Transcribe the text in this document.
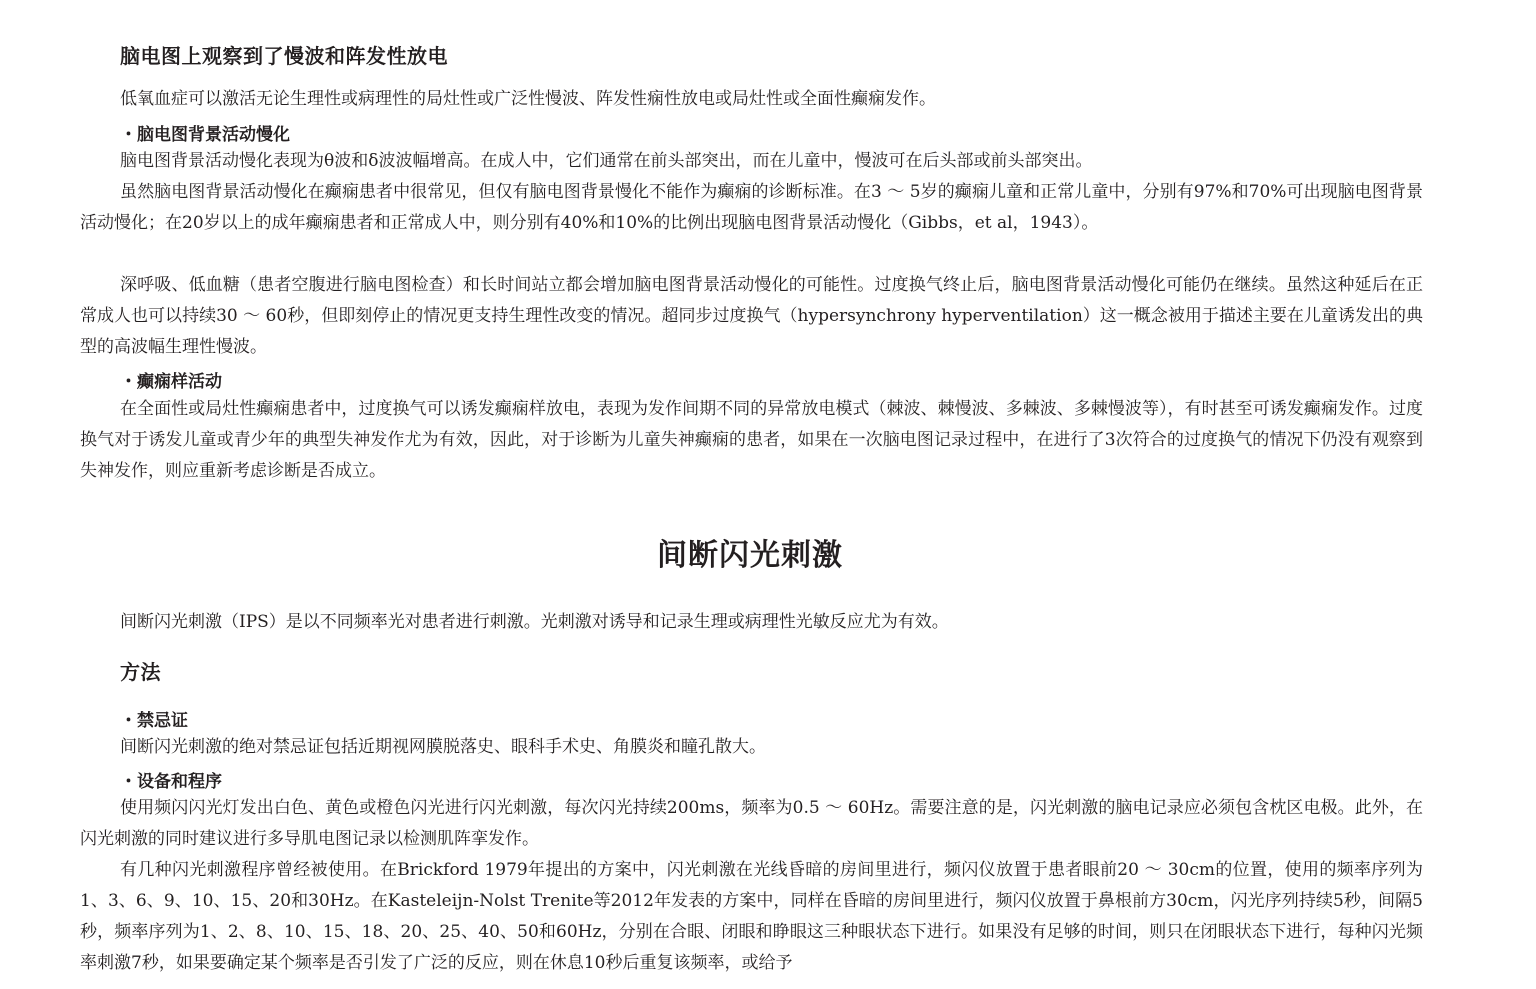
脑电图上观察到了慢波和阵发性放电
低氧血症可以激活无论生理性或病理性的局灶性或广泛性慢波、阵发性痫性放电或局灶性或全面性癫痫发作。
・脑电图背景活动慢化
脑电图背景活动慢化表现为θ波和δ波波幅增高。在成人中，它们通常在前头部突出，而在儿童中，慢波可在后头部或前头部突出。
虽然脑电图背景活动慢化在癫痫患者中很常见，但仅有脑电图背景慢化不能作为癫痫的诊断标准。在3 ～ 5岁的癫痫儿童和正常儿童中，分别有97%和70%可出现脑电图背景活动慢化；在20岁以上的成年癫痫患者和正常成人中，则分别有40%和10%的比例出现脑电图背景活动慢化（Gibbs，et al，1943）。
深呼吸、低血糖（患者空腹进行脑电图检查）和长时间站立都会增加脑电图背景活动慢化的可能性。过度换气终止后，脑电图背景活动慢化可能仍在继续。虽然这种延后在正常成人也可以持续30 ～ 60秒，但即刻停止的情况更支持生理性改变的情况。超同步过度换气（hypersynchrony hyperventilation）这一概念被用于描述主要在儿童诱发出的典型的高波幅生理性慢波。
・癫痫样活动
在全面性或局灶性癫痫患者中，过度换气可以诱发癫痫样放电，表现为发作间期不同的异常放电模式（棘波、棘慢波、多棘波、多棘慢波等），有时甚至可诱发癫痫发作。过度换气对于诱发儿童或青少年的典型失神发作尤为有效，因此，对于诊断为儿童失神癫痫的患者，如果在一次脑电图记录过程中，在进行了3次符合的过度换气的情况下仍没有观察到失神发作，则应重新考虑诊断是否成立。
间断闪光刺激
间断闪光刺激（IPS）是以不同频率光对患者进行刺激。光刺激对诱导和记录生理或病理性光敏反应尤为有效。
方法
・禁忌证
间断闪光刺激的绝对禁忌证包括近期视网膜脱落史、眼科手术史、角膜炎和瞳孔散大。
・设备和程序
使用频闪闪光灯发出白色、黄色或橙色闪光进行闪光刺激，每次闪光持续200ms，频率为0.5 ～ 60Hz。需要注意的是，闪光刺激的脑电记录应必须包含枕区电极。此外，在闪光刺激的同时建议进行多导肌电图记录以检测肌阵挛发作。
有几种闪光刺激程序曾经被使用。在Brickford 1979年提出的方案中，闪光刺激在光线昏暗的房间里进行，频闪仪放置于患者眼前20 ～ 30cm的位置，使用的频率序列为1、3、6、9、10、15、20和30Hz。在Kasteleijn-Nolst Trenite等2012年发表的方案中，同样在昏暗的房间里进行，频闪仪放置于鼻根前方30cm，闪光序列持续5秒，间隔5秒，频率序列为1、2、8、10、15、18、20、25、40、50和60Hz，分别在合眼、闭眼和睁眼这三种眼状态下进行。如果没有足够的时间，则只在闭眼状态下进行，每种闪光频率刺激7秒，如果要确定某个频率是否引发了广泛的反应，则在休息10秒后重复该频率，或给予
